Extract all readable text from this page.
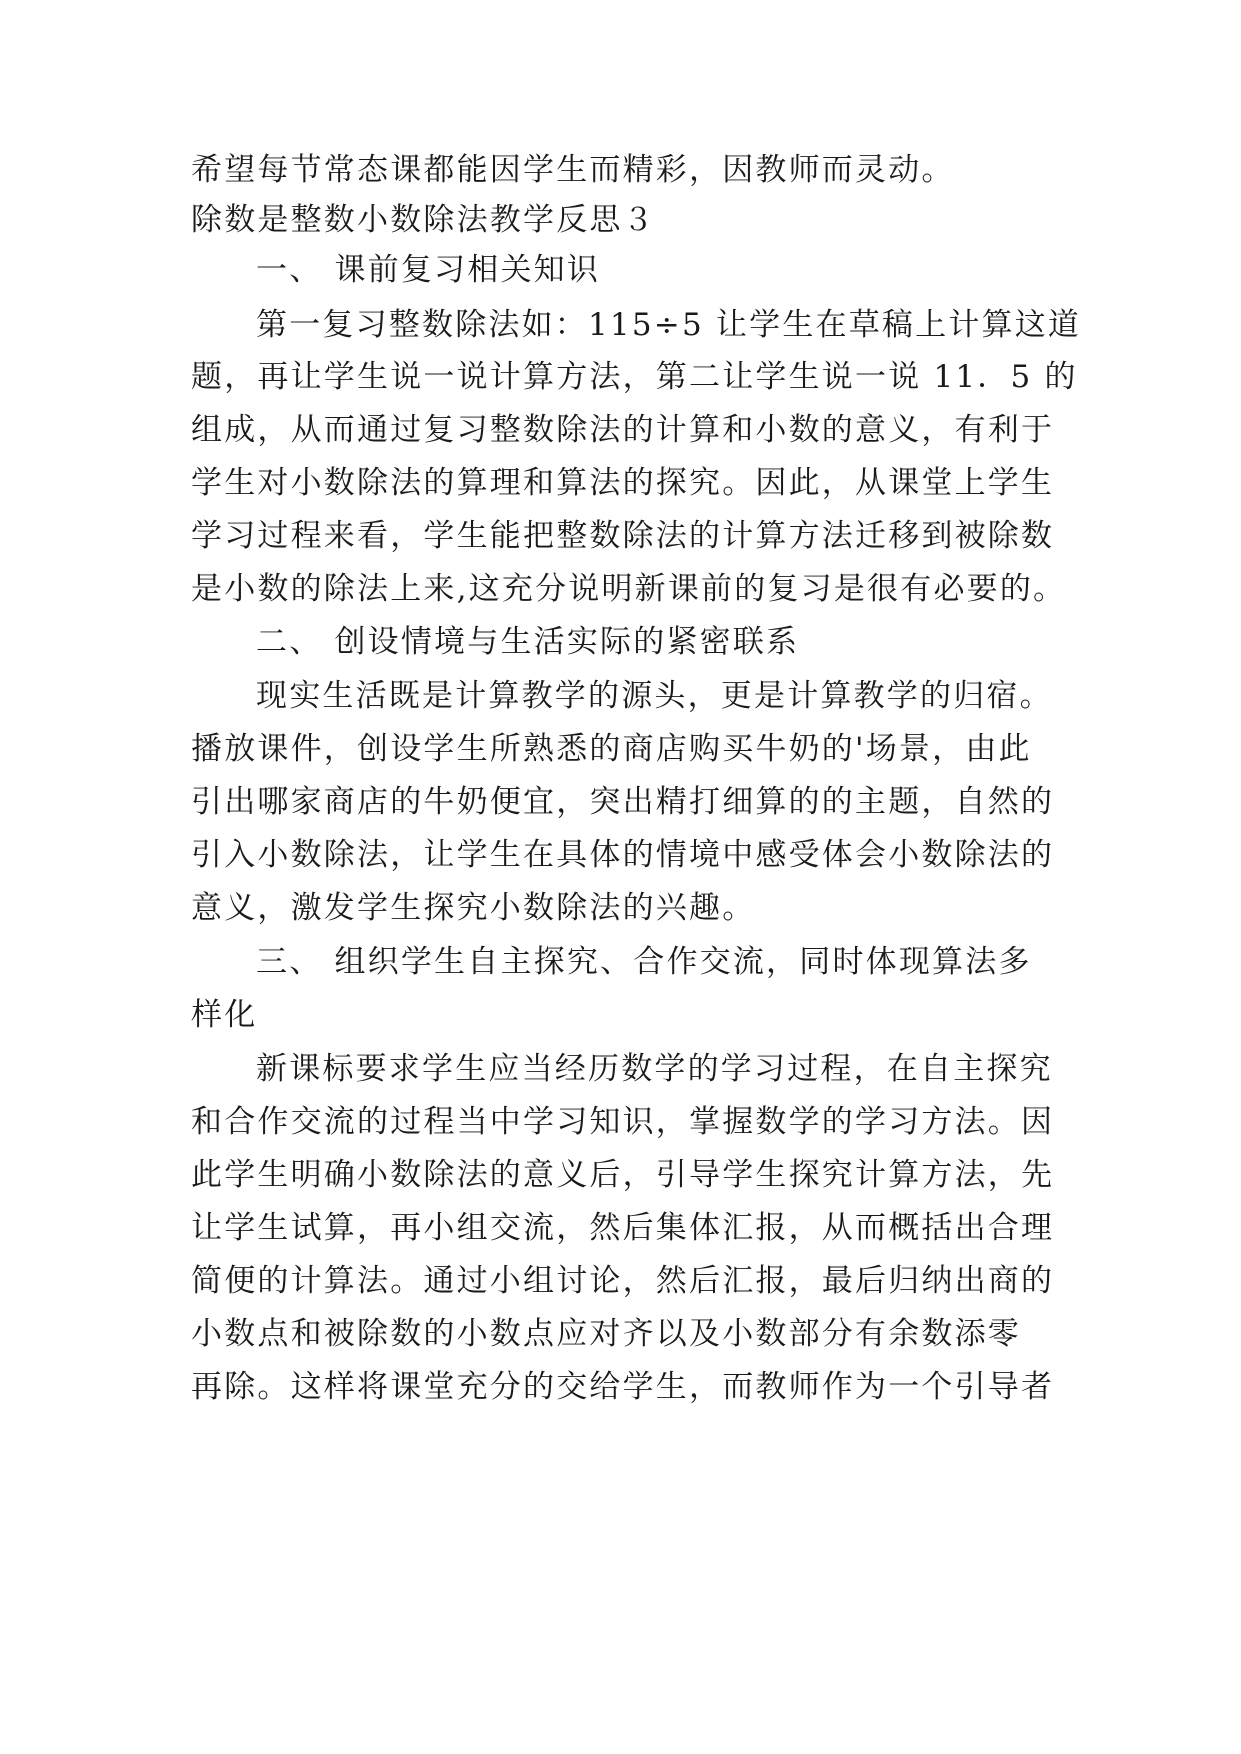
希望每节常态课都能因学生而精彩，因教师而灵动。
除数是整数小数除法教学反思３
一、 课前复习相关知识
第一复习整数除法如：115÷5 让学生在草稿上计算这道
题，再让学生说一说计算方法，第二让学生说一说 11．5 的
组成，从而通过复习整数除法的计算和小数的意义，有利于
学生对小数除法的算理和算法的探究。因此，从课堂上学生
学习过程来看，学生能把整数除法的计算方法迁移到被除数
是小数的除法上来,这充分说明新课前的复习是很有必要的。
二、 创设情境与生活实际的紧密联系
现实生活既是计算教学的源头，更是计算教学的归宿。
播放课件，创设学生所熟悉的商店购买牛奶的'场景，由此
引出哪家商店的牛奶便宜，突出精打细算的的主题，自然的
引入小数除法，让学生在具体的情境中感受体会小数除法的
意义，激发学生探究小数除法的兴趣。
三、 组织学生自主探究、合作交流，同时体现算法多
样化
新课标要求学生应当经历数学的学习过程，在自主探究
和合作交流的过程当中学习知识，掌握数学的学习方法。因
此学生明确小数除法的意义后，引导学生探究计算方法，先
让学生试算，再小组交流，然后集体汇报，从而概括出合理
简便的计算法。通过小组讨论，然后汇报，最后归纳出商的
小数点和被除数的小数点应对齐以及小数部分有余数添零
再除。这样将课堂充分的交给学生，而教师作为一个引导者
